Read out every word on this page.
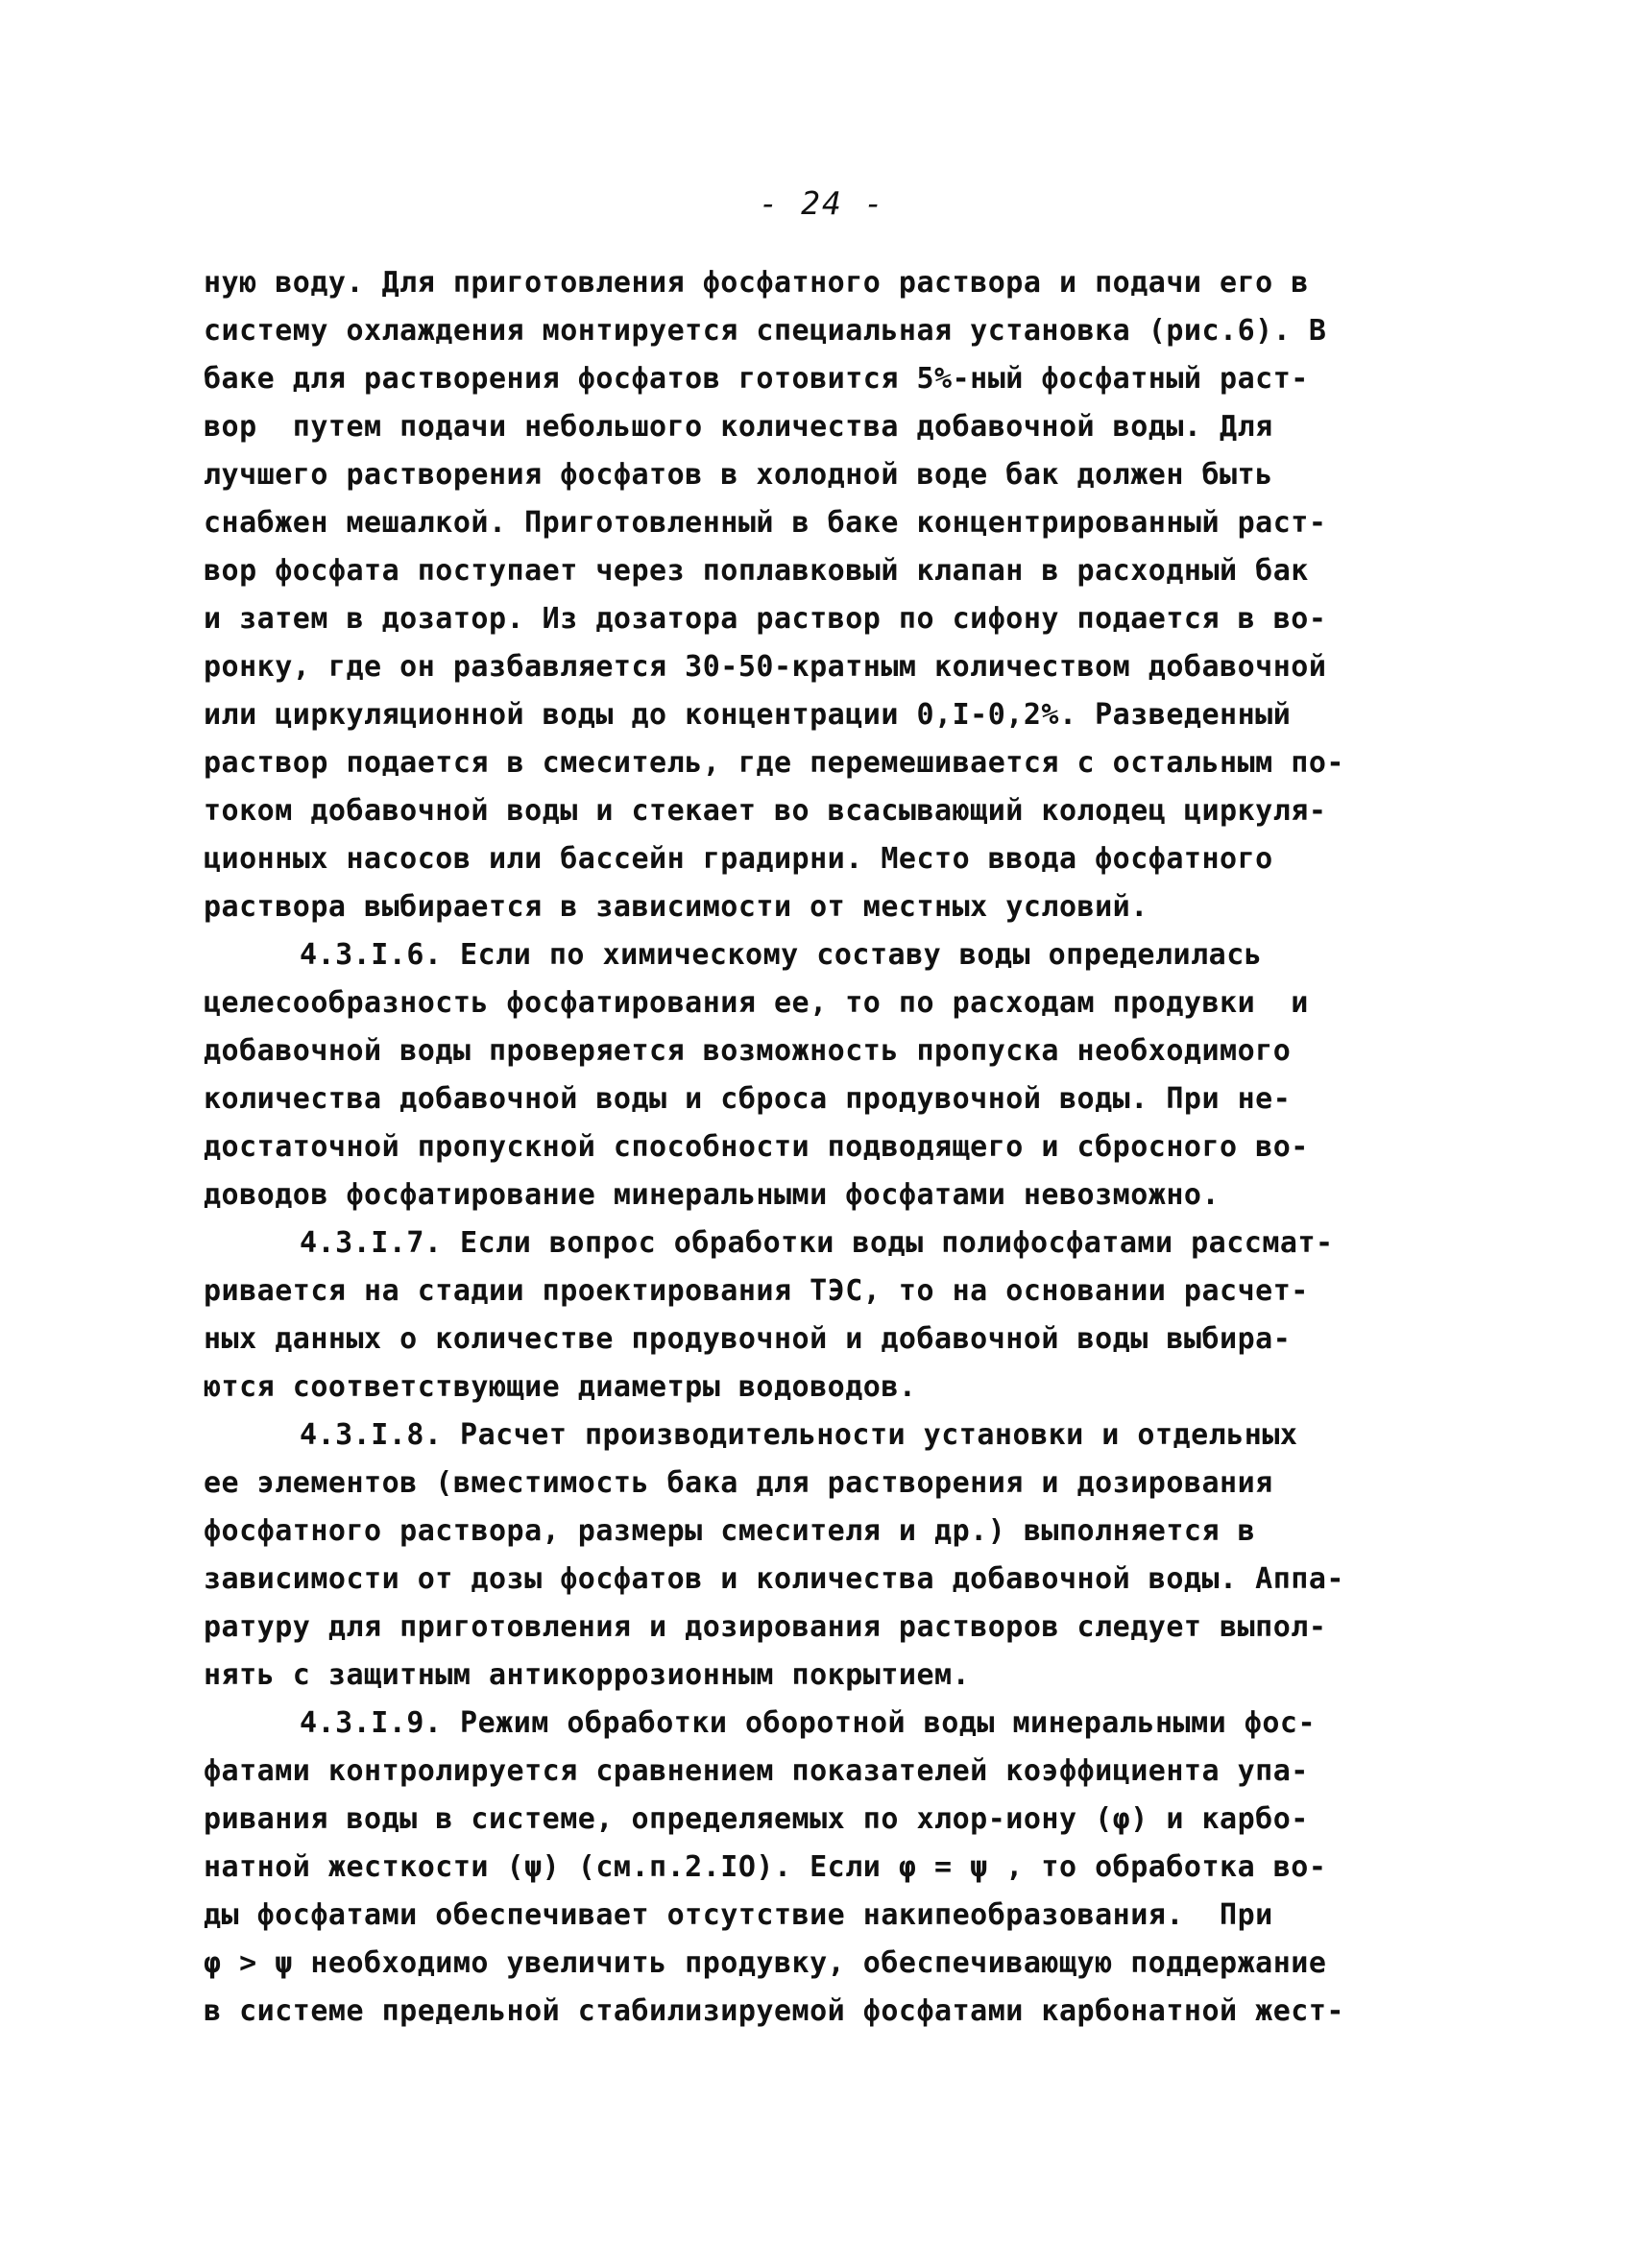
- 24 -
ную воду. Для приготовления фосфатного раствора и подачи его в
систему охлаждения монтируется специальная установка (рис.6). В
баке для растворения фосфатов готовится 5%-ный фосфатный раст-
вор  путем подачи небольшого количества добавочной воды. Для
лучшего растворения фосфатов в холодной воде бак должен быть
снабжен мешалкой. Приготовленный в баке концентрированный раст-
вор фосфата поступает через поплавковый клапан в расходный бак
и затем в дозатор. Из дозатора раствор по сифону подается в во-
ронку, где он разбавляется 30-50-кратным количеством добавочной
или циркуляционной воды до концентрации 0,I-0,2%. Разведенный
раствор подается в смеситель, где перемешивается с остальным по-
током добавочной воды и стекает во всасывающий колодец циркуля-
ционных насосов или бассейн градирни. Место ввода фосфатного
раствора выбирается в зависимости от местных условий.
4.3.I.6. Если по химическому составу воды определилась
целесообразность фосфатирования ее, то по расходам продувки  и
добавочной воды проверяется возможность пропуска необходимого
количества добавочной воды и сброса продувочной воды. При не-
достаточной пропускной способности подводящего и сбросного во-
доводов фосфатирование минеральными фосфатами невозможно.
4.3.I.7. Если вопрос обработки воды полифосфатами рассмат-
ривается на стадии проектирования ТЭС, то на основании расчет-
ных данных о количестве продувочной и добавочной воды выбира-
ются соответствующие диаметры водоводов.
4.3.I.8. Расчет производительности установки и отдельных
ее элементов (вместимость бака для растворения и дозирования
фосфатного раствора, размеры смесителя и др.) выполняется в
зависимости от дозы фосфатов и количества добавочной воды. Аппа-
ратуру для приготовления и дозирования растворов следует выпол-
нять с защитным антикоррозионным покрытием.
4.3.I.9. Режим обработки оборотной воды минеральными фос-
фатами контролируется сравнением показателей коэффициента упа-
ривания воды в системе, определяемых по хлор-иону (φ) и карбо-
натной жесткости (ψ) (см.п.2.IO). Если φ = ψ , то обработка во-
ды фосфатами обеспечивает отсутствие накипеобразования.  При
φ > ψ необходимо увеличить продувку, обеспечивающую поддержание
в системе предельной стабилизируемой фосфатами карбонатной жест-
